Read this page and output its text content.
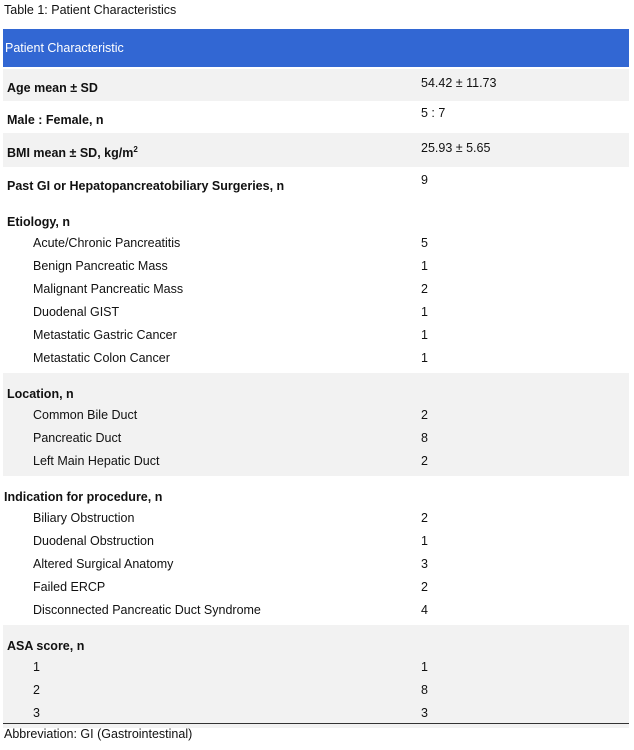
Table 1: Patient Characteristics
Patient Characteristic
Age mean ± SD	54.42 ± 11.73
Male : Female, n	5 : 7
BMI mean ± SD, $kg/m^2$	25.93 ± 5.65
Past GI or Hepatopancreatobiliary Surgeries, n	9
Etiology, n
Acute/Chronic Pancreatitis	5
Benign Pancreatic Mass	1
Malignant Pancreatic Mass	2
Duodenal GIST	1
Metastatic Gastric Cancer	1
Metastatic Colon Cancer	1
Location, n
Common Bile Duct	2
Pancreatic Duct	8
Left Main Hepatic Duct	2
Indication for procedure, n
Biliary Obstruction	2
Duodenal Obstruction	1
Altered Surgical Anatomy	3
Failed ERCP	2
Disconnected Pancreatic Duct Syndrome	4
ASA score, n
1	1
2	8
3	3
Abbreviation: GI (Gastrointestinal)
